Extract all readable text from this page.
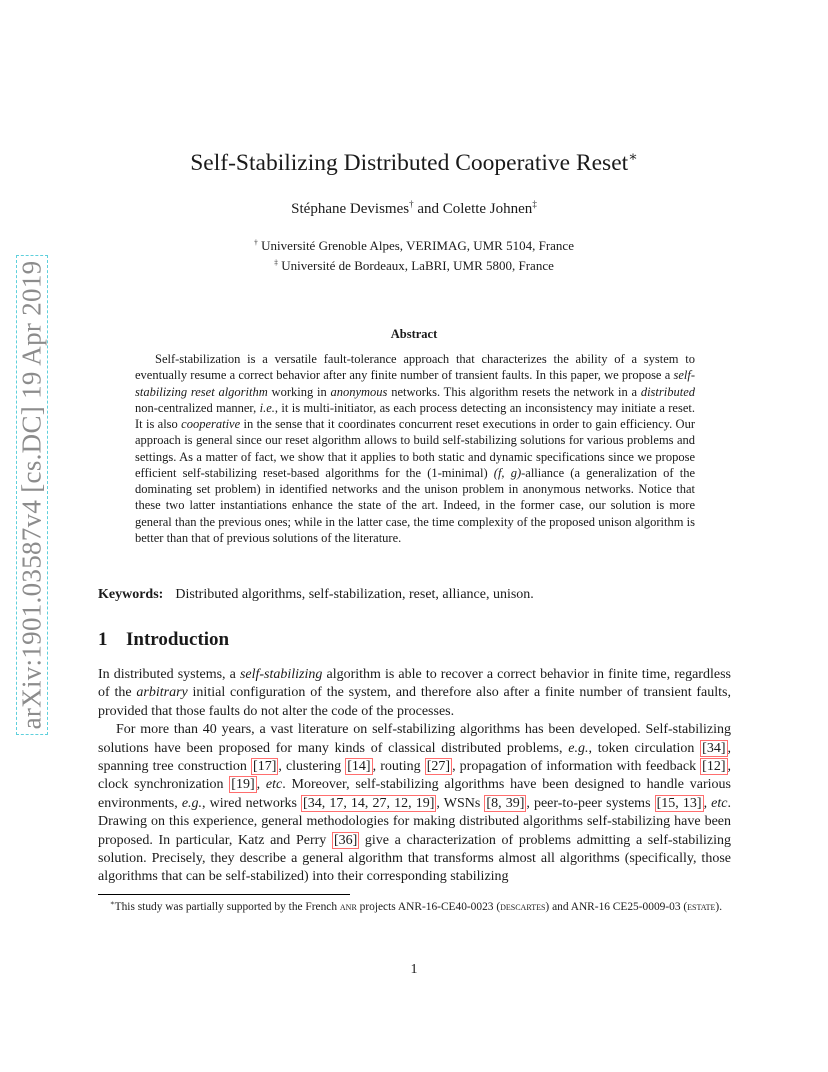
arXiv:1901.03587v4 [cs.DC] 19 Apr 2019
Self-Stabilizing Distributed Cooperative Reset∗
Stéphane Devismes† and Colette Johnen‡
† Université Grenoble Alpes, VERIMAG, UMR 5104, France
‡ Université de Bordeaux, LaBRI, UMR 5800, France
Abstract

Self-stabilization is a versatile fault-tolerance approach that characterizes the ability of a system to eventually resume a correct behavior after any finite number of transient faults. In this paper, we propose a self-stabilizing reset algorithm working in anonymous networks. This algorithm resets the network in a distributed non-centralized manner, i.e., it is multi-initiator, as each process detecting an inconsistency may initiate a reset. It is also cooperative in the sense that it coordinates concurrent reset executions in order to gain efficiency. Our approach is general since our reset algorithm allows to build self-stabilizing solutions for various problems and settings. As a matter of fact, we show that it applies to both static and dynamic specifications since we propose efficient self-stabilizing reset-based algorithms for the (1-minimal) (f, g)-alliance (a generalization of the dominating set problem) in identified networks and the unison problem in anonymous networks. Notice that these two latter instantiations enhance the state of the art. Indeed, in the former case, our solution is more general than the previous ones; while in the latter case, the time complexity of the proposed unison algorithm is better than that of previous solutions of the literature.

Keywords: Distributed algorithms, self-stabilization, reset, alliance, unison.
1 Introduction

In distributed systems, a self-stabilizing algorithm is able to recover a correct behavior in finite time, regardless of the arbitrary initial configuration of the system, and therefore also after a finite number of transient faults, provided that those faults do not alter the code of the processes.

For more than 40 years, a vast literature on self-stabilizing algorithms has been developed. Self-stabilizing solutions have been proposed for many kinds of classical distributed problems, e.g., token circulation [34] , spanning tree construction [17] , clustering [14] , routing [27] , propagation of information with feedback [12] , clock synchronization [19] , etc. Moreover, self-stabilizing algorithms have been designed to handle various environments, e.g., wired networks [34, 17, 14, 27, 12, 19] , WSNs [8, 39] , peer-to-peer systems [15, 13] , etc. Drawing on this experience, general methodologies for making distributed algorithms self-stabilizing have been proposed. In particular, Katz and Perry [36] give a characterization of problems admitting a self-stabilizing solution. Precisely, they describe a general algorithm that transforms almost all algorithms (specifically, those algorithms that can be self-stabilized) into their corresponding stabilizing

∗This study was partially supported by the French anr projects ANR-16-CE40-0023 (descartes) and ANR-16 CE25-0009-03 (estate).
1
